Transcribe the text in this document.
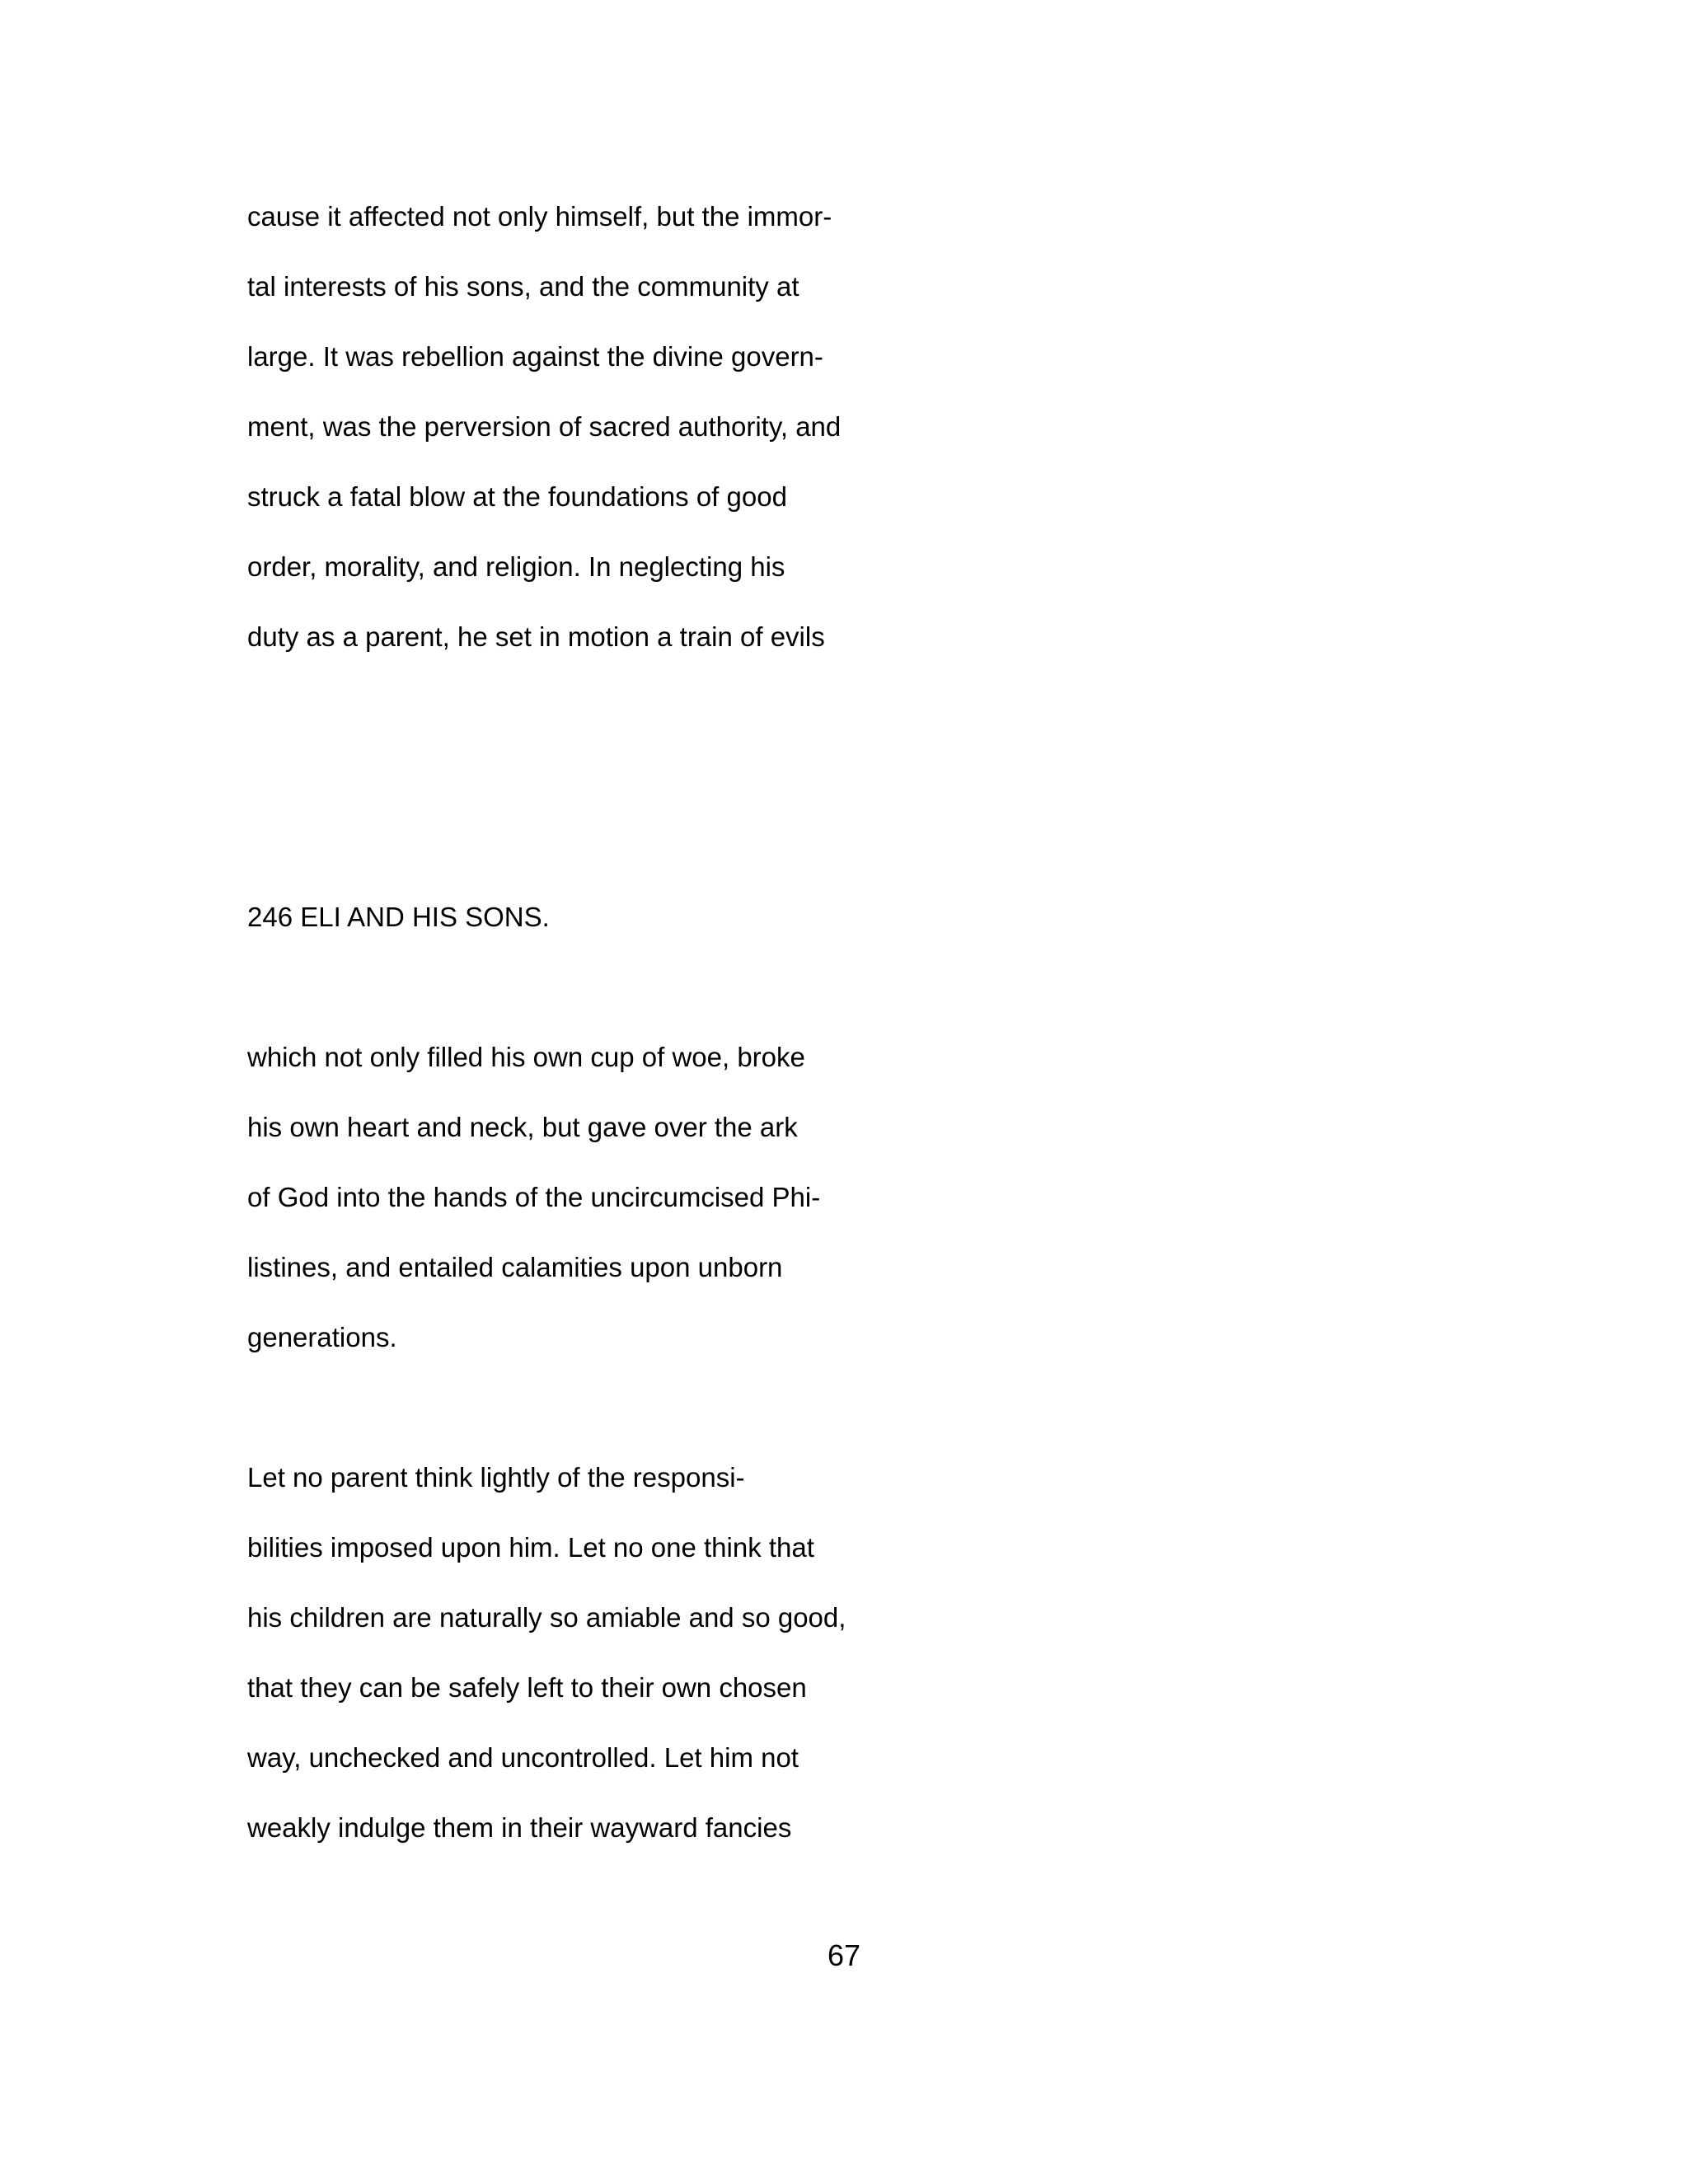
cause it affected not only himself, but the immor-
tal interests of his sons, and the community at
large. It was rebellion against the divine govern-
ment, was the perversion of sacred authority, and
struck a fatal blow at the foundations of good
order, morality, and religion. In neglecting his
duty as a parent, he set in motion a train of evils
246 ELI AND HIS SONS.
which not only filled his own cup of woe, broke
his own heart and neck, but gave over the ark
of God into the hands of the uncircumcised Phi-
listines, and entailed calamities upon unborn
generations.
Let no parent think lightly of the responsi-
bilities imposed upon him. Let no one think that
his children are naturally so amiable and so good,
that they can be safely left to their own chosen
way, unchecked and uncontrolled. Let him not
weakly indulge them in their wayward fancies
67
